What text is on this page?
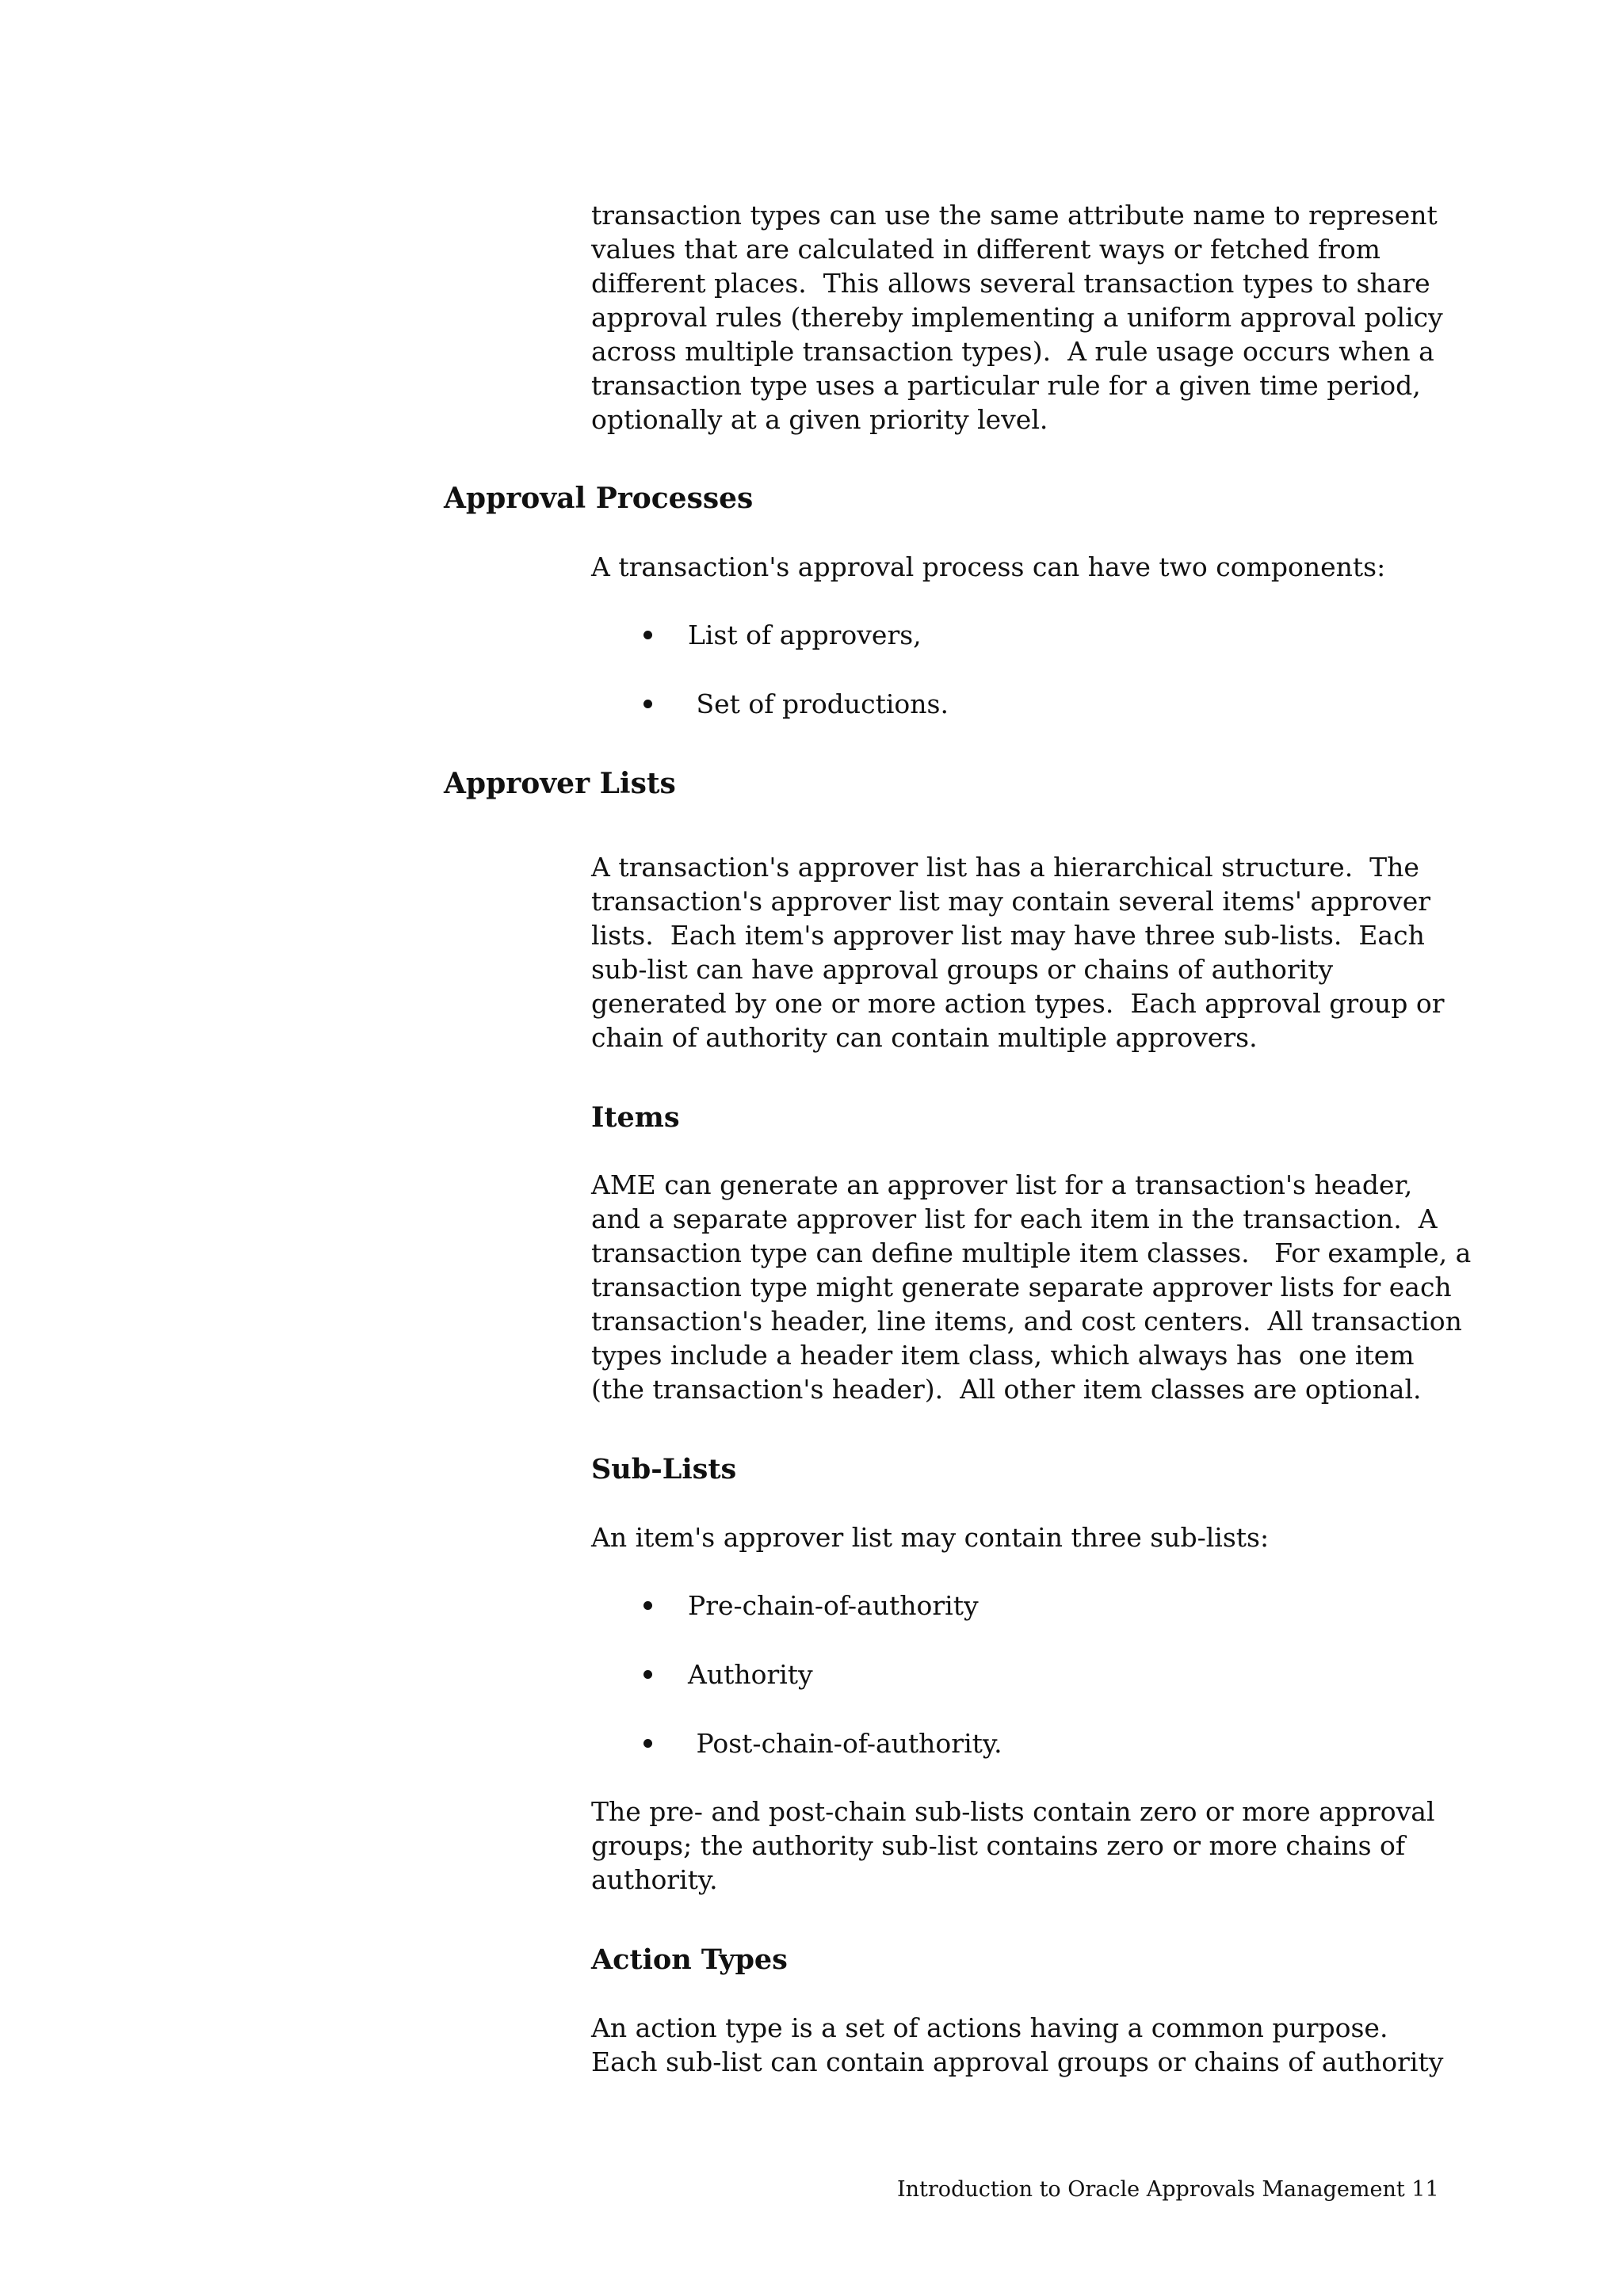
transaction types can use the same attribute name to represent
values that are calculated in different ways or fetched from
different places.  This allows several transaction types to share
approval rules (thereby implementing a uniform approval policy
across multiple transaction types).  A rule usage occurs when a
transaction type uses a particular rule for a given time period,
optionally at a given priority level.
Approval Processes
A transaction's approval process can have two components:
List of approvers,
Set of productions.
Approver Lists
A transaction's approver list has a hierarchical structure.  The
transaction's approver list may contain several items' approver
lists.  Each item's approver list may have three sub-lists.  Each
sub-list can have approval groups or chains of authority
generated by one or more action types.  Each approval group or
chain of authority can contain multiple approvers.
Items
AME can generate an approver list for a transaction's header,
and a separate approver list for each item in the transaction.  A
transaction type can define multiple item classes.   For example, a
transaction type might generate separate approver lists for each
transaction's header, line items, and cost centers.  All transaction
types include a header item class, which always has  one item
(the transaction's header).  All other item classes are optional.
Sub-Lists
An item's approver list may contain three sub-lists:
Pre-chain-of-authority
Authority
Post-chain-of-authority.
The pre- and post-chain sub-lists contain zero or more approval
groups; the authority sub-list contains zero or more chains of
authority.
Action Types
An action type is a set of actions having a common purpose.
Each sub-list can contain approval groups or chains of authority
Introduction to Oracle Approvals Management 11
